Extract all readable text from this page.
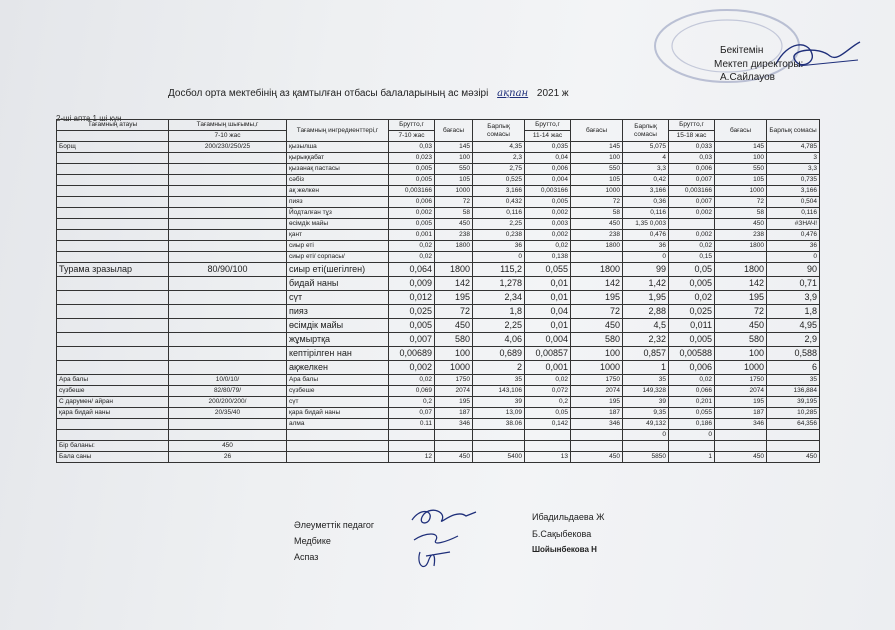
Бекітемін
Мектеп директоры:
А.Сайлауов
Досбол орта мектебінің аз қамтылған отбасы балаларының ас мәзірі ақпан 2021 ж
2-ші апта 1 ші күн
Тағамның атауы	Тағамның шығымы,г	Тағамның ингредиенттері,г	Брутто,г	бағасы	Барлық сомасы	Брутто,г	бағасы	Барлық сомасы	Брутто,г	бағасы	Барлық сомасы
	7-10 жас		7-10 жас			11-14 жас			15-18 жас		
Борщ	200/230/250/25	қызылша	0,03	145	4,35	0,035	145	5,075	0,033	145	4,785
		қырыққабат	0,023	100	2,3	0,04	100	4	0,03	100	3
		қызанақ пастасы	0,005	550	2,75	0,006	550	3,3	0,006	550	3,3
		сәбіз	0,005	105	0,525	0,004	105	0,42	0,007	105	0,735
		ақ желкен	0,003166	1000	3,166	0,003166	1000	3,166	0,003166	1000	3,166
		пияз	0,006	72	0,432	0,005	72	0,36	0,007	72	0,504
		Йодталған тұз	0,002	58	0,116	0,002	58	0,116	0,002	58	0,116
		өсімдік майы	0,005	450	2,25	0,003	450	1,35 0,003		450	#ЗНАЧ!
		қант	0,001	238	0,238	0,002	238	0,476	0,002	238	0,476
		сиыр еті	0,02	1800	36	0,02	1800	36	0,02	1800	36
		сиыр еті/ сорпасы/	0,02		0	0,138		0	0,15		0
Турама зразылар	80/90/100	сиыр еті(шегілген)	0,064	1800	115,2	0,055	1800	99	0,05	1800	90
		бидай наны	0,009	142	1,278	0,01	142	1,42	0,005	142	0,71
		сүт	0,012	195	2,34	0,01	195	1,95	0,02	195	3,9
		пияз	0,025	72	1,8	0,04	72	2,88	0,025	72	1,8
		өсімдік майы	0,005	450	2,25	0,01	450	4,5	0,011	450	4,95
		жұмыртқа	0,007	580	4,06	0,004	580	2,32	0,005	580	2,9
		кептірілген нан	0,00689	100	0,689	0,00857	100	0,857	0,00588	100	0,588
		ақжелкен	0,002	1000	2	0,001	1000	1	0,006	1000	6
Ара балы	10/0/10/	Ара балы	0,02	1750	35	0,02	1750	35	0,02	1750	35
сүзбеше	82/80/79/	сүзбеше	0,069	2074	143,106	0,072	2074	149,328	0,066	2074	136,884
С дарумен/ айран	200/200/200/	сүт	0,2	195	39	0,2	195	39	0,201	195	39,195
қара бидай наны	20/35/40	қара бидай наны	0,07	187	13,09	0,05	187	9,35	0,055	187	10,285
		алма	0.11	346	38.06	0,142	346	49,132	0,186	346	64,356
								0	0		
Бір баланы:	450										
Бала саны	26		12	450	5400	13	450	5850	1	450	450
Әлеуметтік педагог
Медбике
Аспаз
Ибадильдаева Ж
Б.Сақыбекова
Шойынбекова Н
